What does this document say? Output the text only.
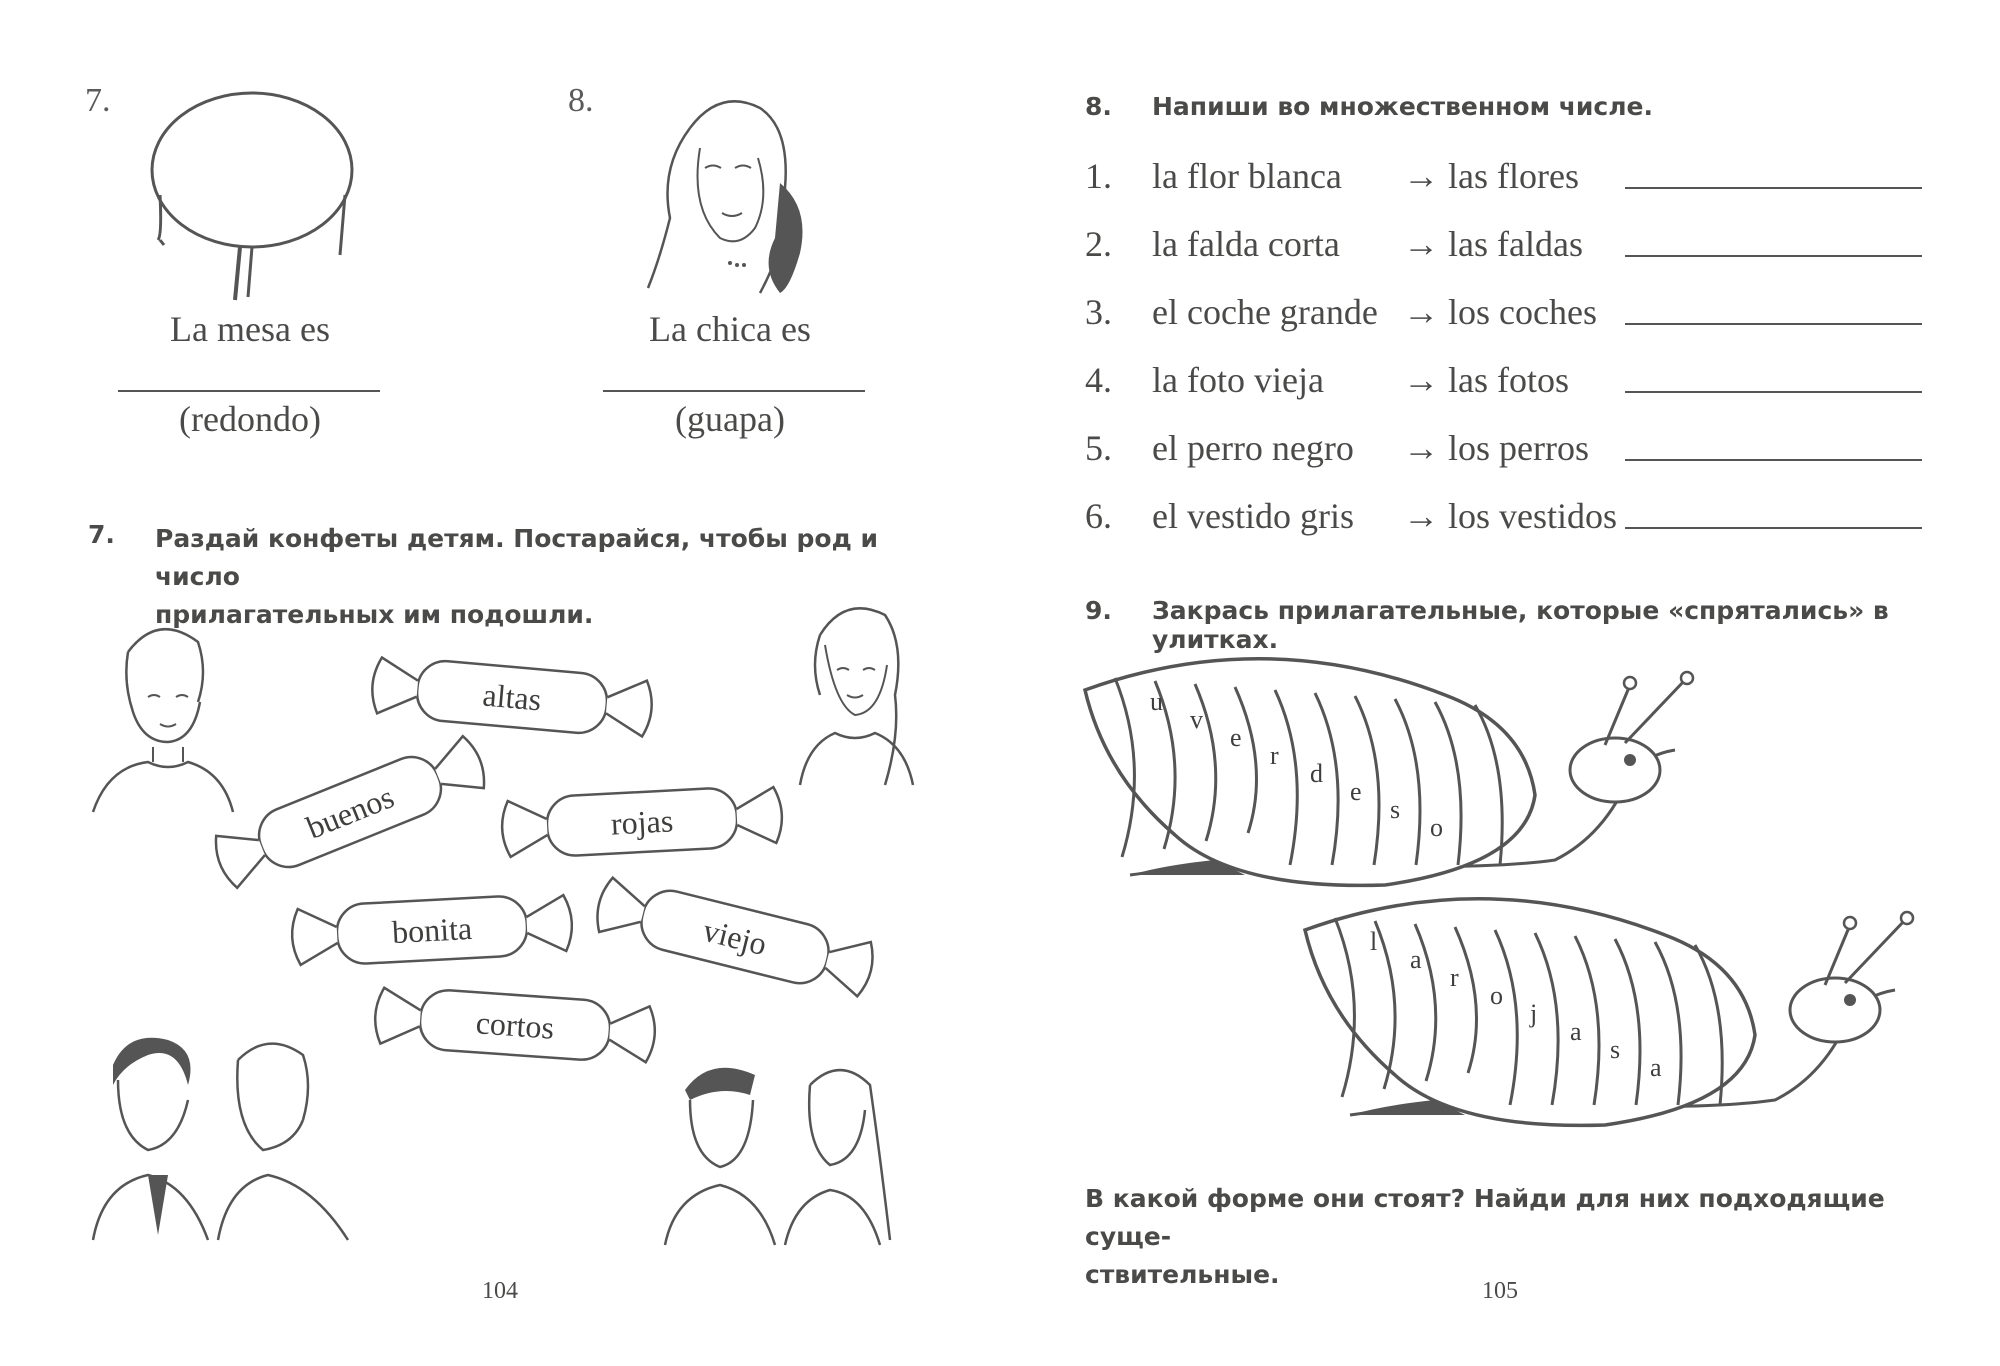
7.
La mesa es
(redondo)
8.
La chica es
(guapa)
7. Раздай конфеты детям. Постарайся, чтобы род и число
прилагательных им подошли.
altas
buenos	rojas
bonita	viejo
cortos
104
8. Напиши во множественном числе.
1. la flor blanca → las flores
2. la falda corta → las faldas
3. el coche grande → los coches
4. la foto vieja → las fotos
5. el perro negro → los perros
6. el vestido gris → los vestidos
9. Закрась прилагательные, которые «спрятались» в улитках.
u
v
e
r
d
e
s
o
l
a
r
o
j
a
s
a
В какой форме они стоят? Найди для них подходящие суще-
ствительные.
105
